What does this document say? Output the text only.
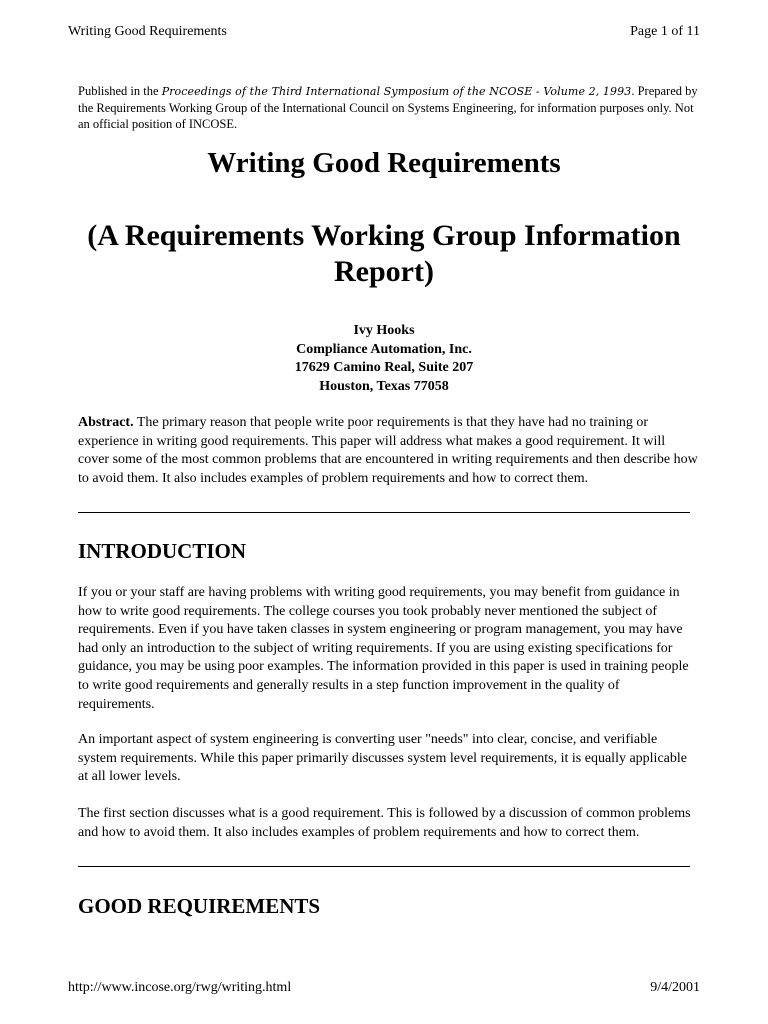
Writing Good Requirements	Page 1 of 11
Published in the Proceedings of the Third International Symposium of the NCOSE - Volume 2, 1993. Prepared by the Requirements Working Group of the International Council on Systems Engineering, for information purposes only. Not an official position of INCOSE.
Writing Good Requirements
(A Requirements Working Group Information Report)
Ivy Hooks
Compliance Automation, Inc.
17629 Camino Real, Suite 207
Houston, Texas 77058
Abstract. The primary reason that people write poor requirements is that they have had no training or experience in writing good requirements. This paper will address what makes a good requirement. It will cover some of the most common problems that are encountered in writing requirements and then describe how to avoid them. It also includes examples of problem requirements and how to correct them.
INTRODUCTION
If you or your staff are having problems with writing good requirements, you may benefit from guidance in how to write good requirements. The college courses you took probably never mentioned the subject of requirements. Even if you have taken classes in system engineering or program management, you may have had only an introduction to the subject of writing requirements. If you are using existing specifications for guidance, you may be using poor examples. The information provided in this paper is used in training people to write good requirements and generally results in a step function improvement in the quality of requirements.
An important aspect of system engineering is converting user "needs" into clear, concise, and verifiable system requirements. While this paper primarily discusses system level requirements, it is equally applicable at all lower levels.
The first section discusses what is a good requirement. This is followed by a discussion of common problems and how to avoid them. It also includes examples of problem requirements and how to correct them.
GOOD REQUIREMENTS
http://www.incose.org/rwg/writing.html	9/4/2001
